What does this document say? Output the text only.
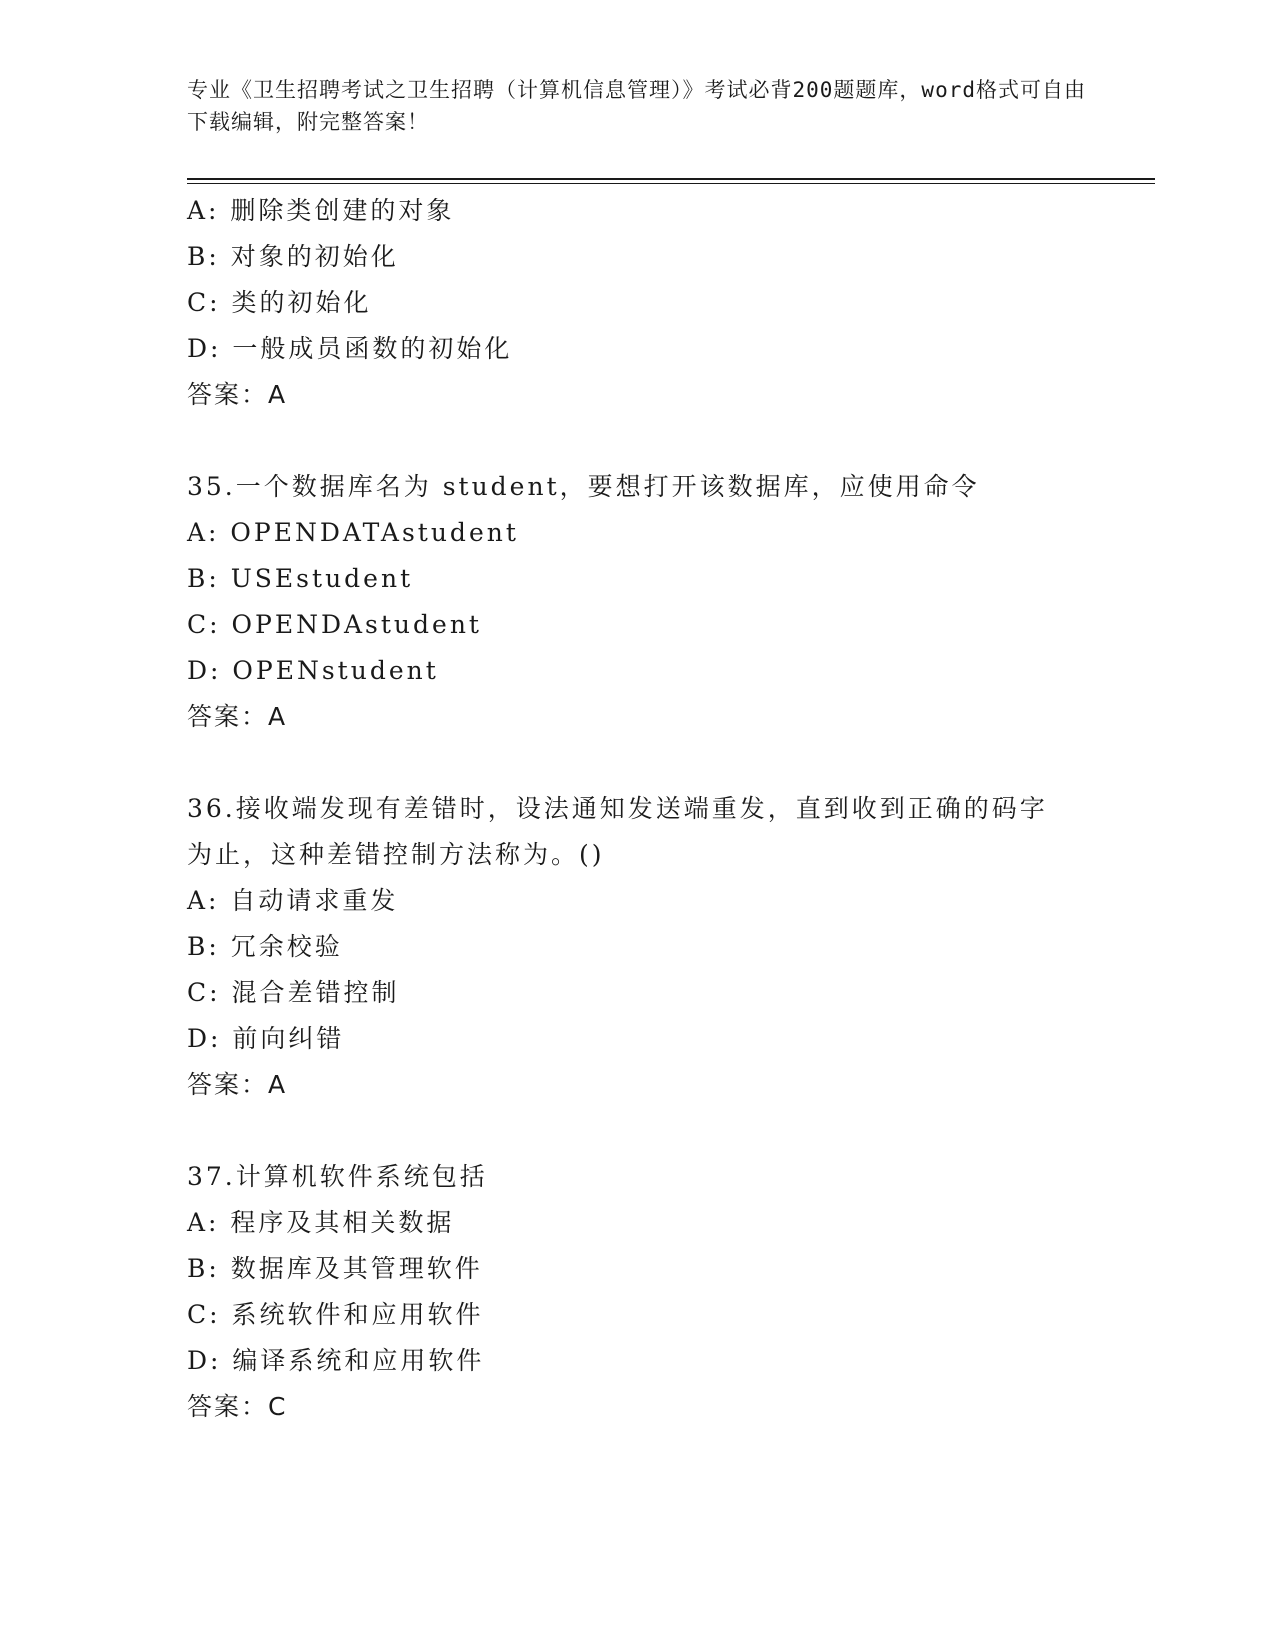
专业《卫生招聘考试之卫生招聘（计算机信息管理）》考试必背200题题库，word格式可自由下载编辑，附完整答案！
A: 删除类创建的对象
B: 对象的初始化
C: 类的初始化
D: 一般成员函数的初始化
答案：A
35.一个数据库名为 student，要想打开该数据库，应使用命令
A: OPENDATAstudent
B: USEstudent
C: OPENDAstudent
D: OPENstudent
答案：A
36.接收端发现有差错时，设法通知发送端重发，直到收到正确的码字
为止，这种差错控制方法称为。()
A: 自动请求重发
B: 冗余校验
C: 混合差错控制
D: 前向纠错
答案：A
37.计算机软件系统包括
A: 程序及其相关数据
B: 数据库及其管理软件
C: 系统软件和应用软件
D: 编译系统和应用软件
答案：C
